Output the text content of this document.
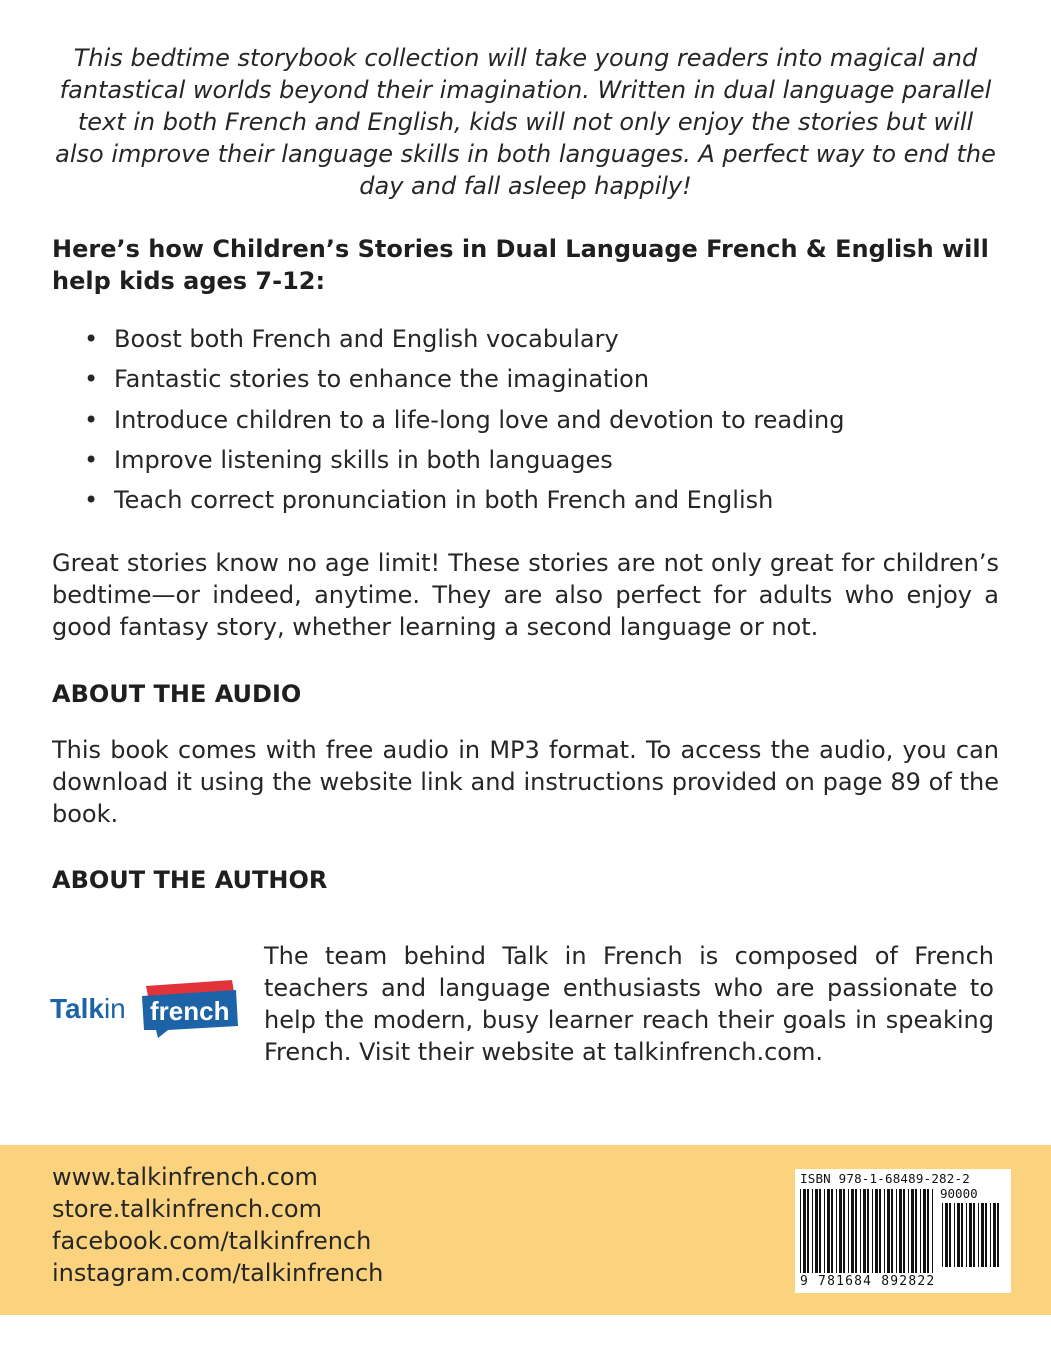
This bedtime storybook collection will take young readers into magical and fantastical worlds beyond their imagination. Written in dual language parallel text in both French and English, kids will not only enjoy the stories but will also improve their language skills in both languages. A perfect way to end the day and fall asleep happily!

Here’s how Children’s Stories in Dual Language French & English will help kids ages 7-12:

• Boost both French and English vocabulary
• Fantastic stories to enhance the imagination
• Introduce children to a life-long love and devotion to reading
• Improve listening skills in both languages
• Teach correct pronunciation in both French and English

Great stories know no age limit! These stories are not only great for children’s bedtime—or indeed, anytime. They are also perfect for adults who enjoy a good fantasy story, whether learning a second language or not.

ABOUT THE AUDIO

This book comes with free audio in MP3 format. To access the audio, you can download it using the website link and instructions provided on page 89 of the book.

ABOUT THE AUTHOR
Talkin french

The team behind Talk in French is composed of French teachers and language enthusiasts who are passionate to help the modern, busy learner reach their goals in speaking French. Visit their website at talkinfrench.com.

www.talkinfrench.com
store.talkinfrench.com
facebook.com/talkinfrench
instagram.com/talkinfrench
ISBN 978-1-68489-282-2
90000
9 781684 892822
